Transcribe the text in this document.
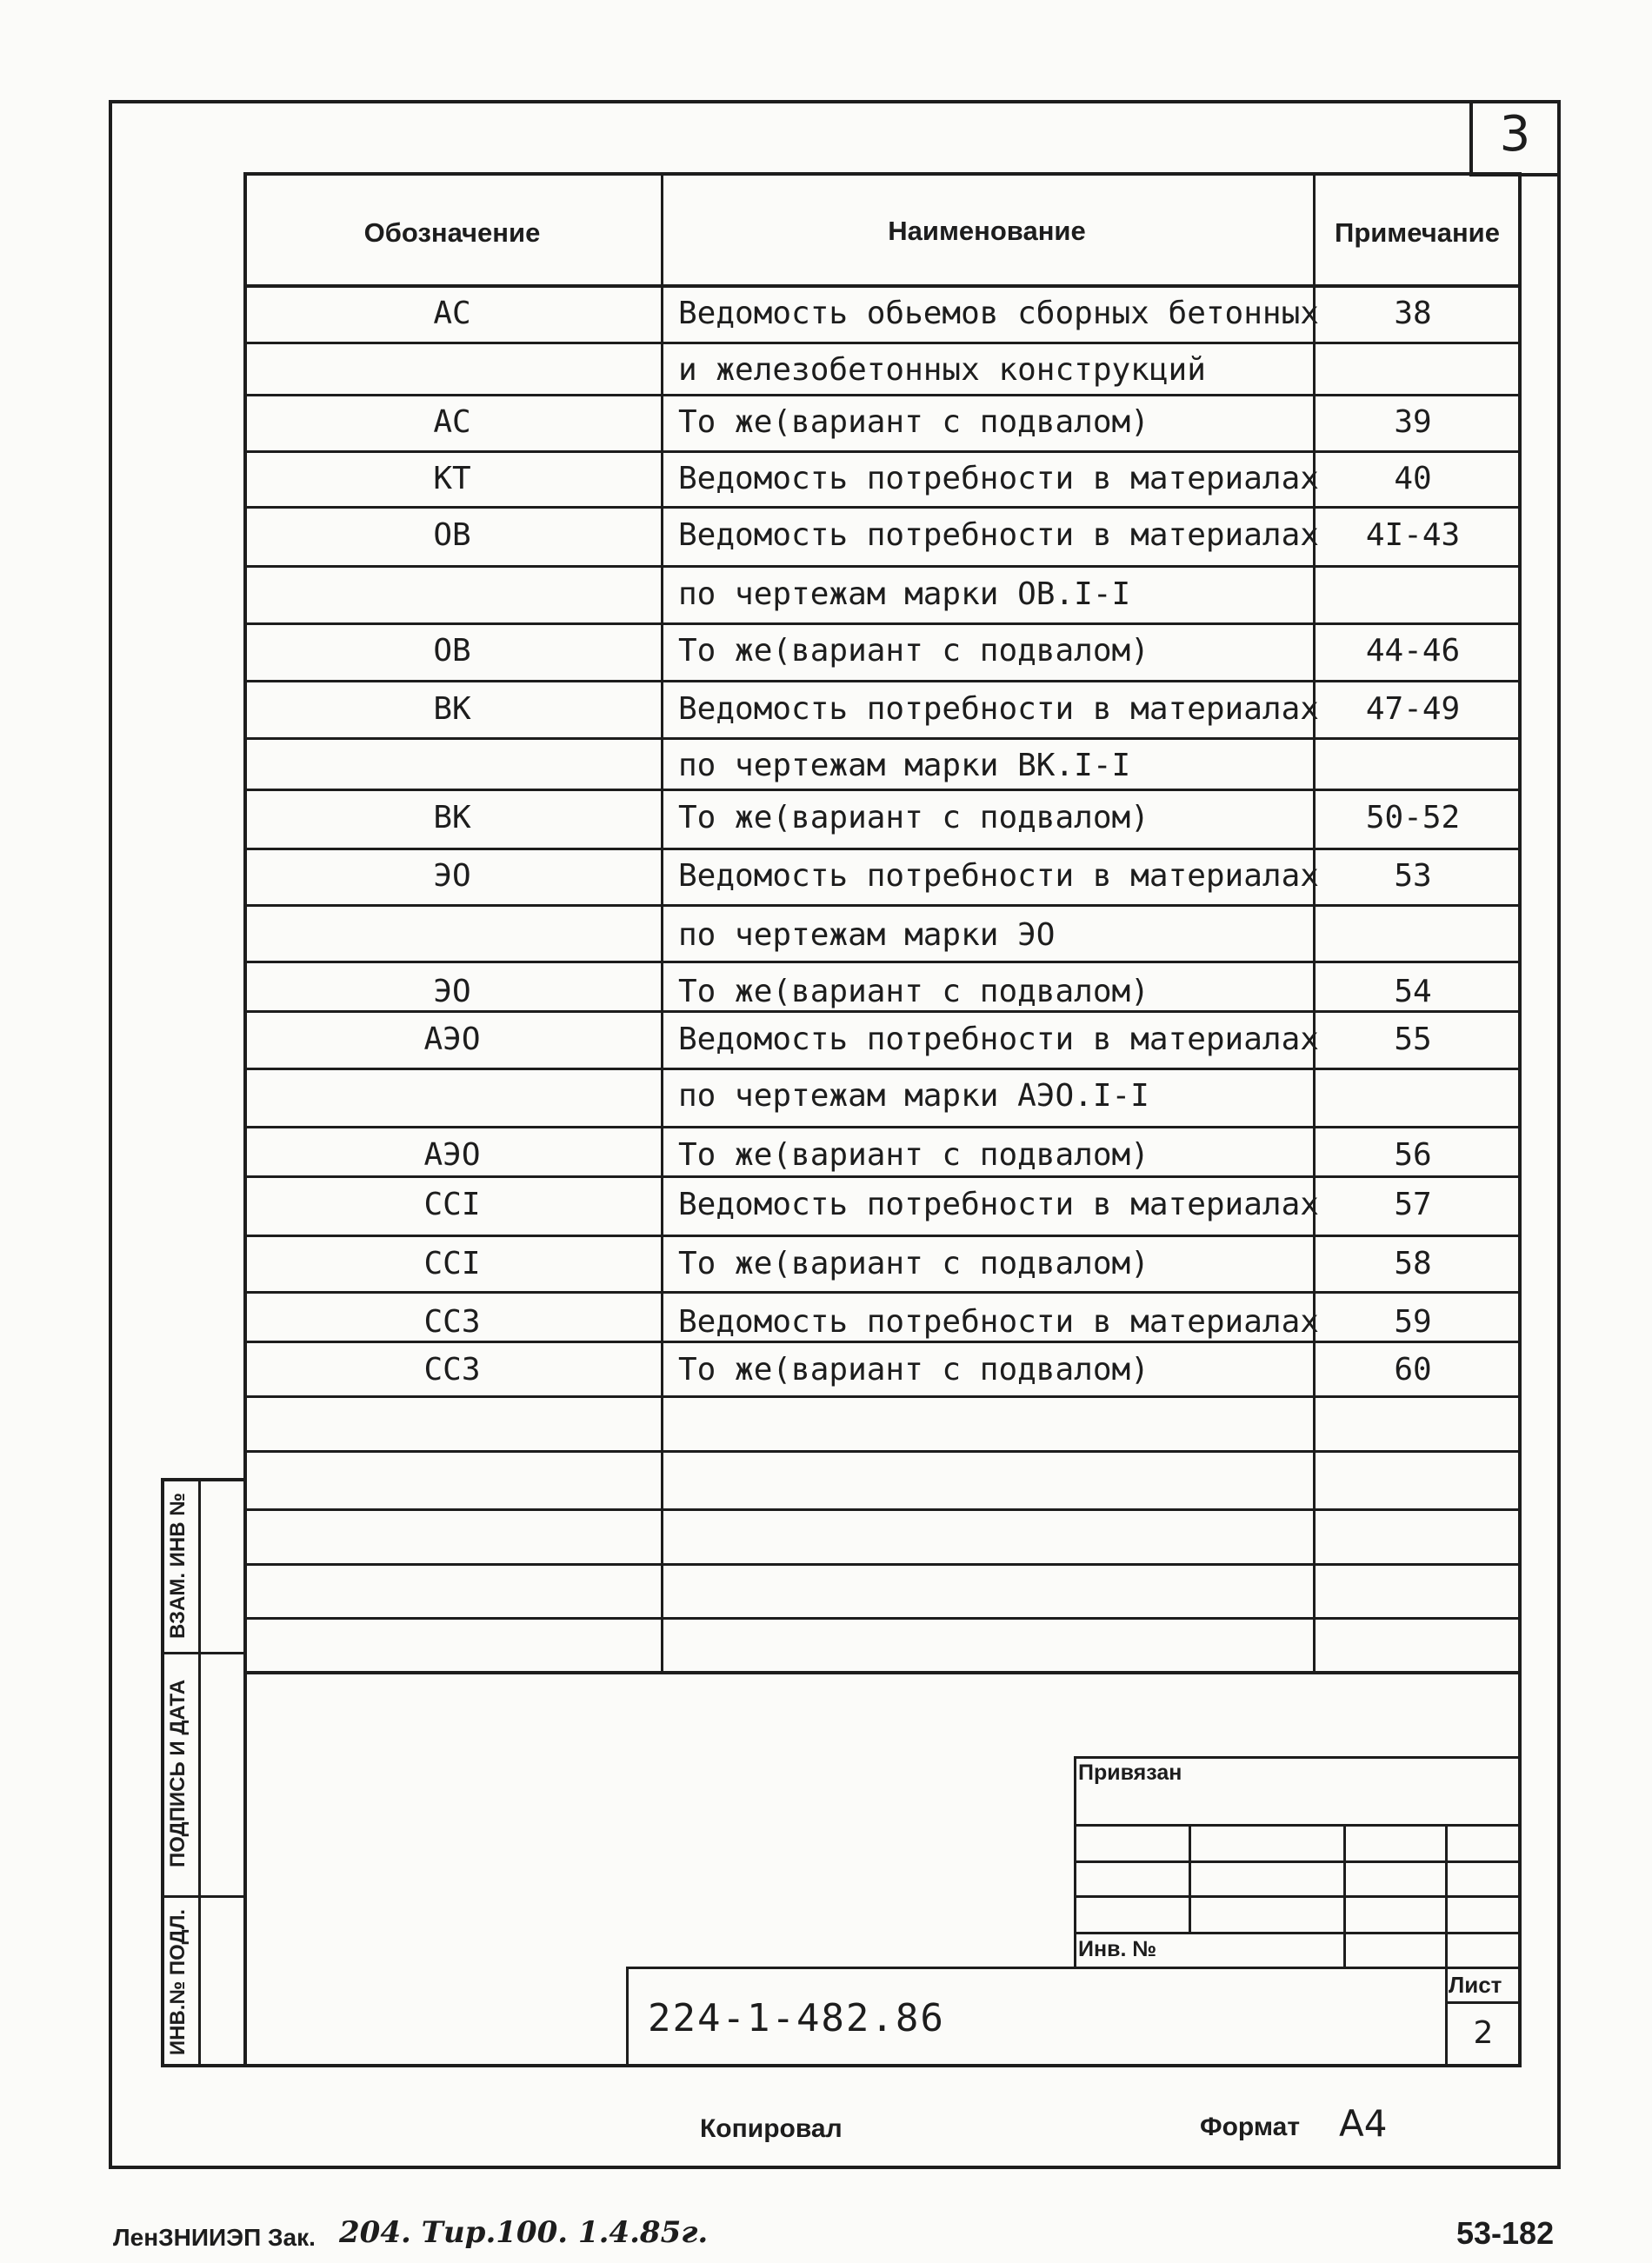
3
Обозначение	Наименование	Примечание
АС	Ведомость обьемов сборных бетонных	38
и железобетонных конструкций
АС	То же(вариант с подвалом)	39
КТ	Ведомость потребности в материалах	40
ОВ	Ведомость потребности в материалах	4I-43
по чертежам марки ОВ.I-I
ОВ	То же(вариант с подвалом)	44-46
ВК	Ведомость потребности в материалах	47-49
по чертежам марки ВК.I-I
ВК	То же(вариант с подвалом)	50-52
ЭО	Ведомость потребности в материалах	53
по чертежам марки ЭО
ЭО	То же(вариант с подвалом)	54
АЭО	Ведомость потребности в материалах	55
по чертежам марки АЭО.I-I
АЭО	То же(вариант с подвалом)	56
ССI	Ведомость потребности в материалах	57
ССI	То же(вариант с подвалом)	58
СС3	Ведомость потребности в материалах	59
СС3	То же(вариант с подвалом)	60
ВЗАМ. ИНВ №
ПОДПИСЬ И ДАТА
ИНВ.№ ПОДЛ.
Привязан
Инв. №
224-1-482.86
Лист
2
Копировал	Формат А4
ЛенЗНИИЭП Зак. 204. Тир.100. 1.4.85г.	53-182
